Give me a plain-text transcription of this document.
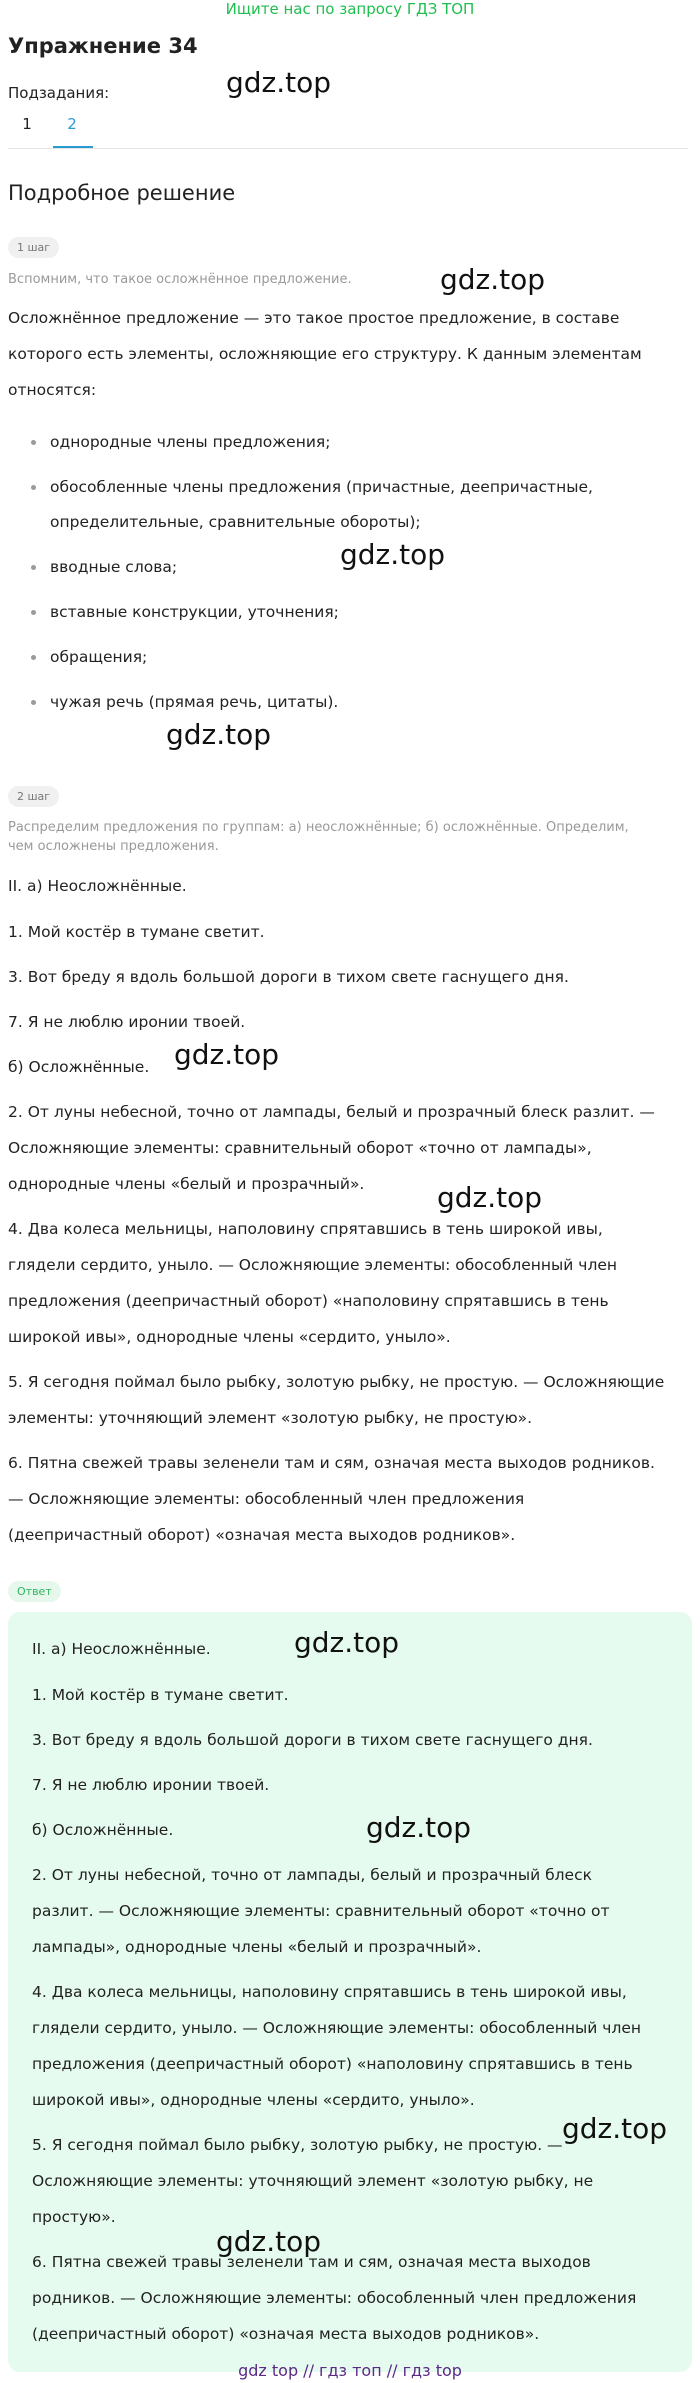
Ищите нас по запросу ГДЗ ТОП
Упражнение 34
Подзадания:
1	2
Подробное решение
1 шаг
Вспомним, что такое осложнённое предложение.
Осложнённое предложение — это такое простое предложение, в составе
которого есть элементы, осложняющие его структуру. К данным элементам
относятся:
однородные члены предложения;
обособленные члены предложения (причастные, деепричастные,
определительные, сравнительные обороты);
вводные слова;
вставные конструкции, уточнения;
обращения;
чужая речь (прямая речь, цитаты).
2 шаг
Распределим предложения по группам: а) неосложнённые; б) осложнённые. Определим,
чем осложнены предложения.
II. а) Неосложнённые.
1. Мой костёр в тумане светит.
3. Вот бреду я вдоль большой дороги в тихом свете гаснущего дня.
7. Я не люблю иронии твоей.
б) Осложнённые.
2. От луны небесной, точно от лампады, белый и прозрачный блеск разлит. —
Осложняющие элементы: сравнительный оборот «точно от лампады»,
однородные члены «белый и прозрачный».
4. Два колеса мельницы, наполовину спрятавшись в тень широкой ивы,
глядели сердито, уныло. — Осложняющие элементы: обособленный член
предложения (деепричастный оборот) «наполовину спрятавшись в тень
широкой ивы», однородные члены «сердито, уныло».
5. Я сегодня поймал было рыбку, золотую рыбку, не простую. — Осложняющие
элементы: уточняющий элемент «золотую рыбку, не простую».
6. Пятна свежей травы зеленели там и сям, означая места выходов родников.
— Осложняющие элементы: обособленный член предложения
(деепричастный оборот) «означая места выходов родников».
Ответ
II. а) Неосложнённые.
1. Мой костёр в тумане светит.
3. Вот бреду я вдоль большой дороги в тихом свете гаснущего дня.
7. Я не люблю иронии твоей.
б) Осложнённые.
2. От луны небесной, точно от лампады, белый и прозрачный блеск
разлит. — Осложняющие элементы: сравнительный оборот «точно от
лампады», однородные члены «белый и прозрачный».
4. Два колеса мельницы, наполовину спрятавшись в тень широкой ивы,
глядели сердито, уныло. — Осложняющие элементы: обособленный член
предложения (деепричастный оборот) «наполовину спрятавшись в тень
широкой ивы», однородные члены «сердито, уныло».
5. Я сегодня поймал было рыбку, золотую рыбку, не простую. —
Осложняющие элементы: уточняющий элемент «золотую рыбку, не
простую».
6. Пятна свежей травы зеленели там и сям, означая места выходов
родников. — Осложняющие элементы: обособленный член предложения
(деепричастный оборот) «означая места выходов родников».
gdz.top
gdz.top
gdz.top
gdz.top
gdz.top
gdz.top
gdz.top
gdz.top
gdz.top
gdz.top
gdz top // гдз топ // гдз top
